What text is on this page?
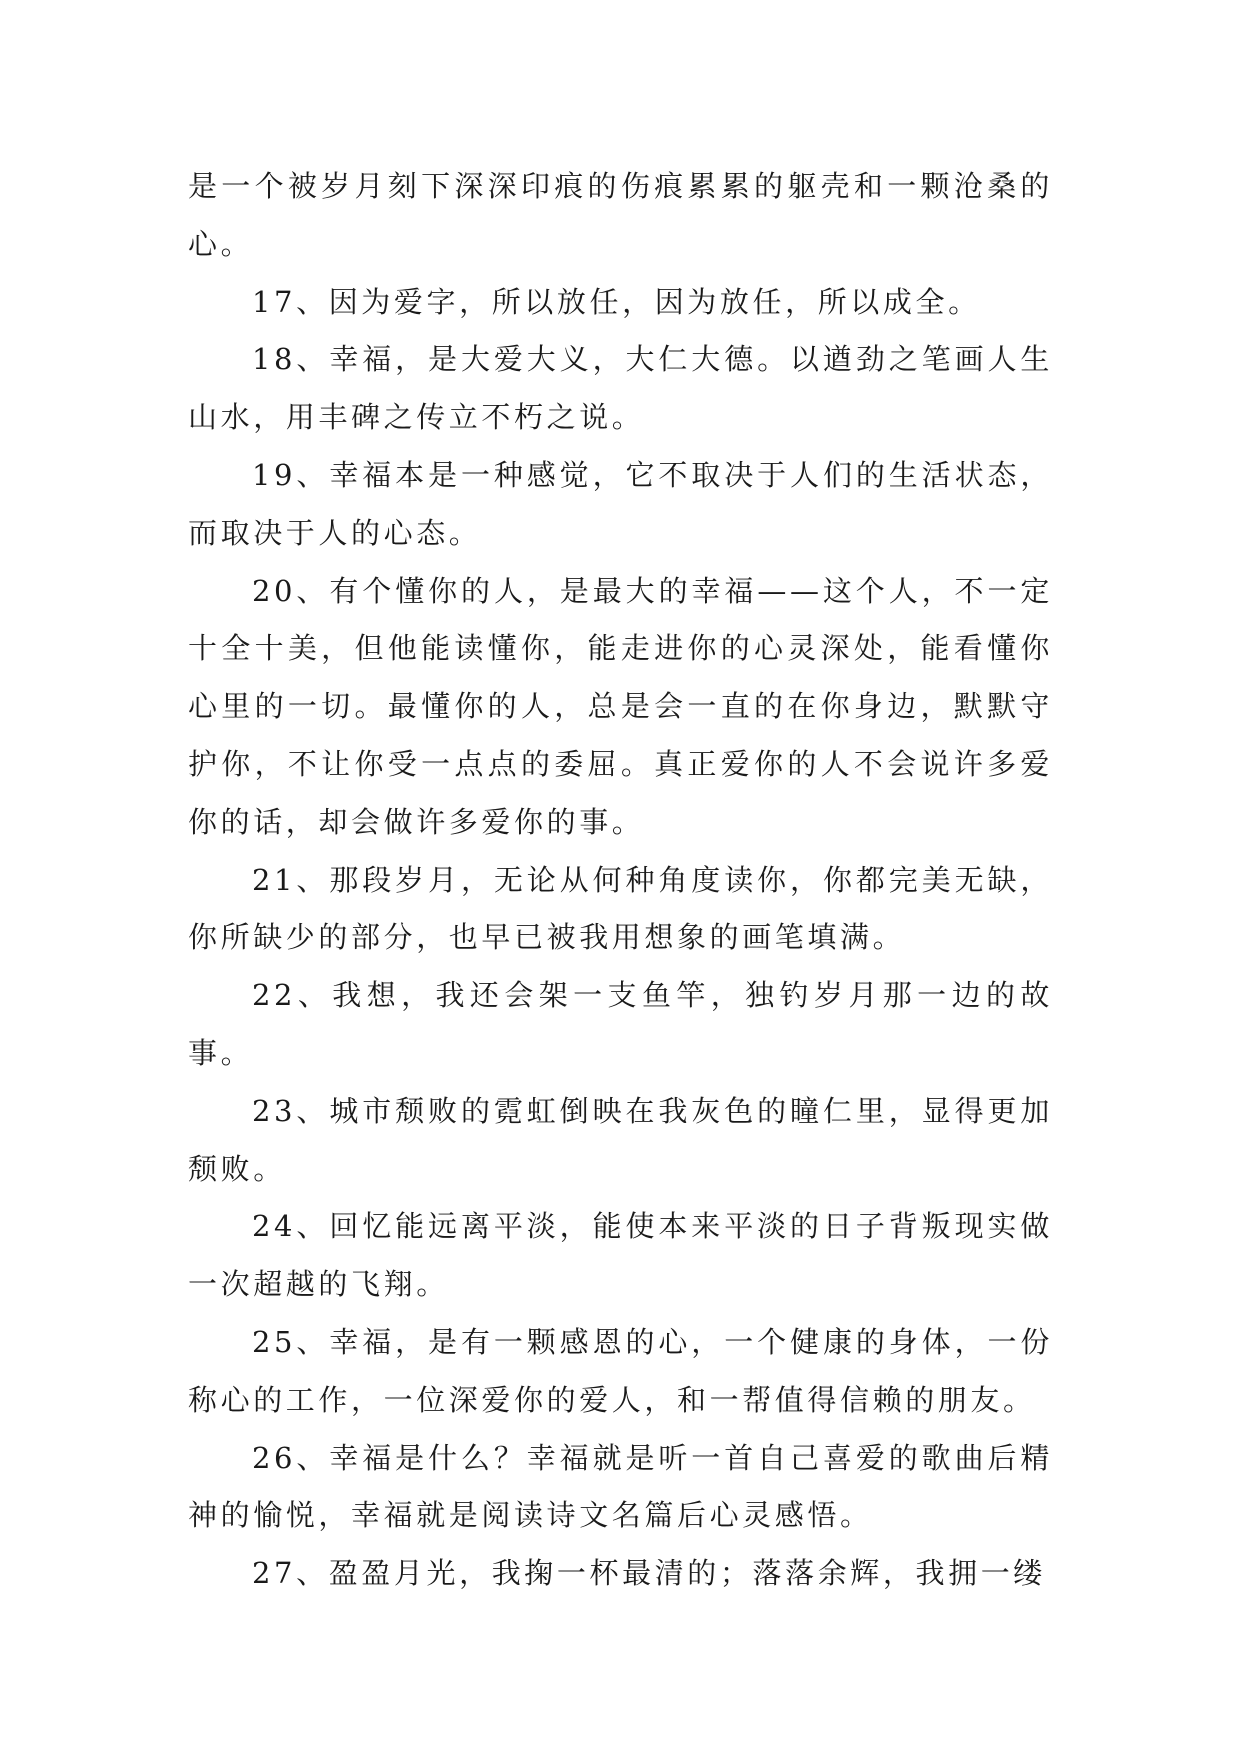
是一个被岁月刻下深深印痕的伤痕累累的躯壳和一颗沧桑的心。

17、因为爱字，所以放任，因为放任，所以成全。

18、幸福，是大爱大义，大仁大德。以遒劲之笔画人生山水，用丰碑之传立不朽之说。

19、幸福本是一种感觉，它不取决于人们的生活状态，而取决于人的心态。

20、有个懂你的人，是最大的幸福——这个人，不一定十全十美，但他能读懂你，能走进你的心灵深处，能看懂你心里的一切。最懂你的人，总是会一直的在你身边，默默守护你，不让你受一点点的委屈。真正爱你的人不会说许多爱你的话，却会做许多爱你的事。

21、那段岁月，无论从何种角度读你，你都完美无缺，你所缺少的部分，也早已被我用想象的画笔填满。

22、我想，我还会架一支鱼竿，独钓岁月那一边的故事。

23、城市颓败的霓虹倒映在我灰色的瞳仁里，显得更加颓败。

24、回忆能远离平淡，能使本来平淡的日子背叛现实做一次超越的飞翔。

25、幸福，是有一颗感恩的心，一个健康的身体，一份称心的工作，一位深爱你的爱人，和一帮值得信赖的朋友。

26、幸福是什么？幸福就是听一首自己喜爱的歌曲后精神的愉悦，幸福就是阅读诗文名篇后心灵感悟。

27、盈盈月光，我掬一杯最清的；落落余辉，我拥一缕
